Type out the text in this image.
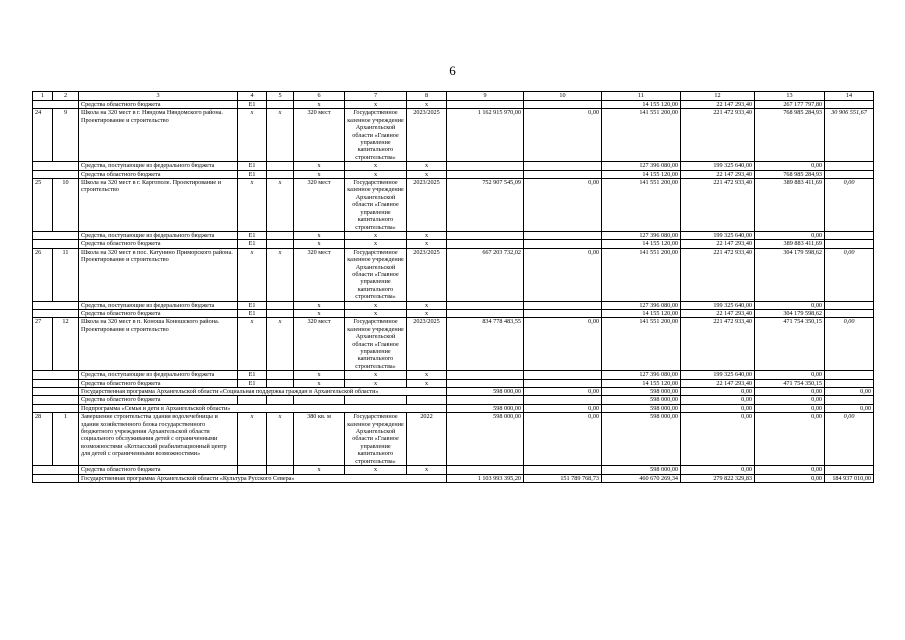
6
1	2	3	4	5	6	7	8	9	10	11	12	13	14
		Средства областного бюджета	Е1		х	х	х			14 155 120,00	22 147 293,40	267 177 797,80	
24	9	Школа на 320 мест в г. Няндома Няндомского района. Проектирование и строительство	х	х	320 мест	Государственное казенное учреждение Архангельской области «Главное управление капитального строительства»	2023/2025	1 162 915 970,00	0,00	141 551 200,00	221 472 933,40	768 985 284,93	30 906 551,67
		Средства, поступающие из федерального бюджета	Е1		х	х	х			127 396 080,00	199 325 640,00	0,00	
		Средства областного бюджета	Е1		х	х	х			14 155 120,00	22 147 293,40	768 985 284,93	
25	10	Школа на 320 мест в г. Каргополе. Проектирование и строительство	х	х	320 мест	Государственное казенное учреждение Архангельской области «Главное управление капитального строительства»	2023/2025	752 907 545,09	0,00	141 551 200,00	221 472 933,40	389 883 411,69	0,00
		Средства, поступающие из федерального бюджета	Е1		х	х	х			127 396 080,00	199 325 640,00	0,00	
		Средства областного бюджета	Е1		х	х	х			14 155 120,00	22 147 293,40	389 883 411,69	
26	11	Школа на 320 мест в пос. Катунино Приморского района. Проектирование и строительство	х	х	320 мест	Государственное казенное учреждение Архангельской области «Главное управление капитального строительства»	2023/2025	667 203 732,02	0,00	141 551 200,00	221 472 933,40	304 179 598,62	0,00
		Средства, поступающие из федерального бюджета	Е1		х	х	х			127 396 080,00	199 325 640,00	0,00	
		Средства областного бюджета	Е1		х	х	х			14 155 120,00	22 147 293,40	304 179 598,62	
27	12	Школа на 320 мест в п. Коноша Коношского района. Проектирование и строительство	х	х	320 мест	Государственное казенное учреждение Архангельской области «Главное управление капитального строительства»	2023/2025	834 778 483,55	0,00	141 551 200,00	221 472 933,40	471 754 350,15	0,00
		Средства, поступающие из федерального бюджета	Е1		х	х	х			127 396 080,00	199 325 640,00	0,00	
		Средства областного бюджета	Е1		х	х	х			14 155 120,00	22 147 293,40	471 754 350,15	
		Государственная программа Архангельской области «Социальная поддержка граждан в Архангельской области»						598 000,00	0,00	598 000,00	0,00	0,00	0,00
		Средства областного бюджета								598 000,00	0,00	0,00	
		Подпрограмма «Семья и дети в Архангельской области»						598 000,00	0,00	598 000,00	0,00	0,00	0,00
28	1	Завершение строительства здания водолечебницы и здания хозяйственного блока государственного бюджетного учреждения Архангельской области социального обслуживания детей с ограниченными возможностями «Котласский реабилитационный центр для детей с ограниченными возможностями»	х	х	380 кв. м	Государственное казенное учреждение Архангельской области «Главное управление капитального строительства»	2022	598 000,00	0,00	598 000,00	0,00	0,00	0,00
		Средства областного бюджета			х	х	х			598 000,00	0,00	0,00	
		Государственная программа Архангельской области «Культура Русского Севера»						1 103 993 395,20	151 789 768,73	460 670 269,34	279 822 329,83	0,00	184 937 010,00
